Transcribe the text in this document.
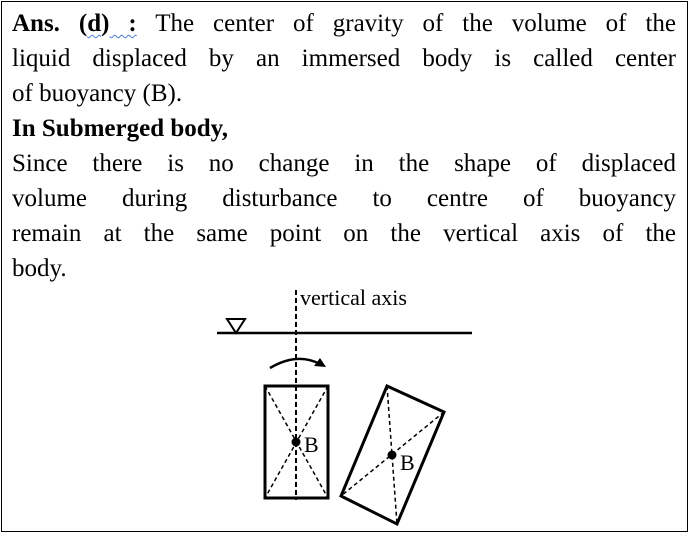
Ans. (d) : The center of gravity of the volume of the
liquid displaced by an immersed body is called center
of buoyancy (B).
In Submerged body,
Since there is no change in the shape of displaced
volume during disturbance to centre of buoyancy
remain at the same point on the vertical axis of the
body.
vertical axis
B
B
